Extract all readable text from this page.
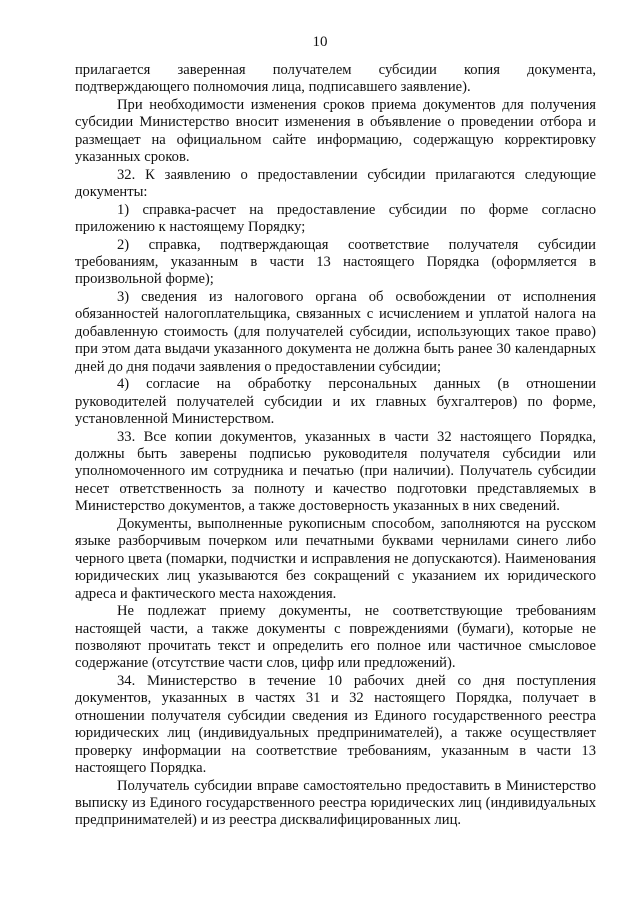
10

прилагается заверенная получателем субсидии копия документа, подтверждающего полномочия лица, подписавшего заявление).

При необходимости изменения сроков приема документов для получения субсидии Министерство вносит изменения в объявление о проведении отбора и размещает на официальном сайте информацию, содержащую корректировку указанных сроков.

32. К заявлению о предоставлении субсидии прилагаются следующие документы:

1) справка-расчет на предоставление субсидии по форме согласно приложению к настоящему Порядку;

2) справка, подтверждающая соответствие получателя субсидии требованиям, указанным в части 13 настоящего Порядка (оформляется в произвольной форме);

3) сведения из налогового органа об освобождении от исполнения обязанностей налогоплательщика, связанных с исчислением и уплатой налога на добавленную стоимость (для получателей субсидии, использующих такое право) при этом дата выдачи указанного документа не должна быть ранее 30 календарных дней до дня подачи заявления о предоставлении субсидии;

4) согласие на обработку персональных данных (в отношении руководителей получателей субсидии и их главных бухгалтеров) по форме, установленной Министерством.

33. Все копии документов, указанных в части 32 настоящего Порядка, должны быть заверены подписью руководителя получателя субсидии или уполномоченного им сотрудника и печатью (при наличии). Получатель субсидии несет ответственность за полноту и качество подготовки представляемых в Министерство документов, а также достоверность указанных в них сведений.

Документы, выполненные рукописным способом, заполняются на русском языке разборчивым почерком или печатными буквами чернилами синего либо черного цвета (помарки, подчистки и исправления не допускаются). Наименования юридических лиц указываются без сокращений с указанием их юридического адреса и фактического места нахождения.

Не подлежат приему документы, не соответствующие требованиям настоящей части, а также документы с повреждениями (бумаги), которые не позволяют прочитать текст и определить его полное или частичное смысловое содержание (отсутствие части слов, цифр или предложений).

34. Министерство в течение 10 рабочих дней со дня поступления документов, указанных в частях 31 и 32 настоящего Порядка, получает в отношении получателя субсидии сведения из Единого государственного реестра юридических лиц (индивидуальных предпринимателей), а также осуществляет проверку информации на соответствие требованиям, указанным в части 13 настоящего Порядка.

Получатель субсидии вправе самостоятельно предоставить в Министерство выписку из Единого государственного реестра юридических лиц (индивидуальных предпринимателей) и из реестра дисквалифицированных лиц.
